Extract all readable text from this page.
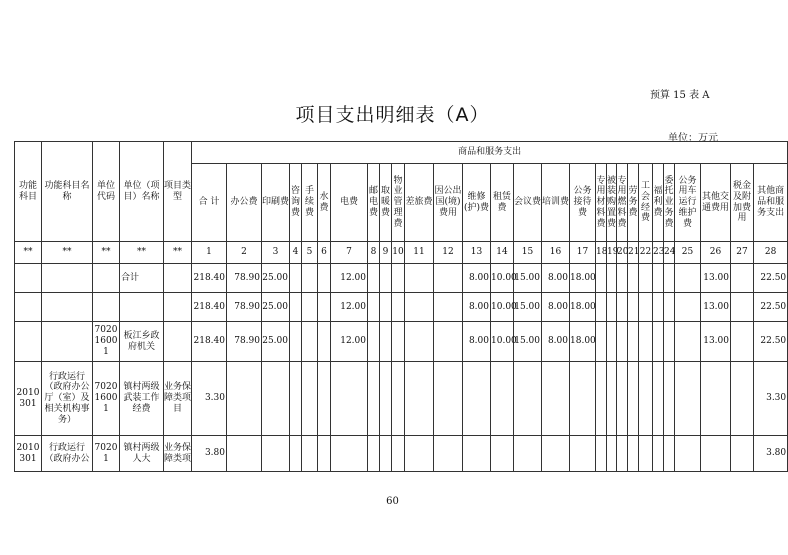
预算 15 表 A
项目支出明细表（A）
单位：万元
功能科目	功能科目名称	单位代码	单位（项目）名称	项目类型	商品和服务支出																											
					合 计	办公费	印刷费	咨询费	手续费	水费	电费	邮电费	取暖费	物业管理费	差旅费	因公出国(境)费用	维修(护)费	租赁费	会议费	培训费	公务接待费	专用材料费	被装购置费	专用燃料费	劳务费	工会经费	福利费	委托业务费	公务用车运行维护费	其他交通费用	税金及附加费用	其他商品和服务支出
**	**	**	**	**	1	2	3	4	5	6	7	8	9	10	11	12	13	14	15	16	17	18	19	20	21	22	23	24	25	26	27	28
			合计		218.40	78.90	25.00				12.00						8.00	10.00	15.00	8.00	18.00									13.00		22.50
					218.40	78.90	25.00				12.00						8.00	10.00	15.00	8.00	18.00									13.00		22.50
		702016001	板江乡政府机关		218.40	78.90	25.00				12.00						8.00	10.00	15.00	8.00	18.00									13.00		22.50
2010301	行政运行（政府办公厅（室）及相关机构事务）	702016001	镇村两级武装工作经费	业务保障类项目	3.30																											3.30
2010301	行政运行（政府办公	70201	镇村两级人大	业务保障类项	3.80																											3.80
60
